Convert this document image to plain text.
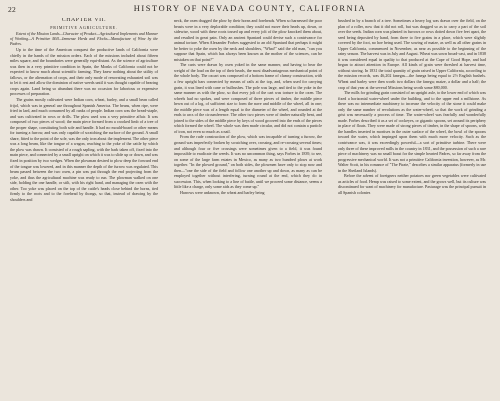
22	HISTORY OF NEVADA COUNTY, CALIFORNIA
CHAPTER VII.
PRIMITIVE AGRICULTURE.

Extent of the Mission Lands—Character of Product—Agricultural Implements and Manner of Working—A Primitive Mill—Immense Herds and Flocks—Manufacture of Wine by the Padres.

Up to the time of the American conquest the productive lands of California were chiefly in the hands of the mission orders. Each of the missions included about fifteen miles square, and the boundaries were generally equi-distant. As the science of agriculture was then in a very primitive condition in Spain, the Monks of California could not be expected to know much about scientific farming. They knew nothing about the utility of fallows, or the alternation of crops, and their only mode of renovating exhausted soil was to let it rest and allow the dominion of native weeds until it was thought capable of bearing crops again. Land being so abundant there was no occasion for laborious or expensive processes of preparation.

The grains mostly cultivated were Indian corn, wheat, barley, and a small bean called frijol, which was in general use throughout Spanish America. The beans, when ripe, were fried in lard, and much consumed by all ranks of people. Indian corn was the bread-staple, and was cultivated in rows or drills. The plow used was a very primitive affair. It was composed of two pieces of wood; the main piece formed from a crooked limb of a tree of the proper shape, constituting both sole and handle. It had no mould-board or other means for turning a furrow, and was only capable of scratching the surface of the ground. A small share, fitted to the point of the sole, was the only iron about the implement. The other piece was a long beam, like the tongue of a wagon, reaching to the yoke of the cattle by which the plow was drawn. It consisted of a rough sapling, with the bark taken off, fixed into the main piece, and connected by a small upright on which it was to slide up or down, and was fixed in position by two wedges. When the plowman desired to plow deep the forward end of the tongue was lowered, and in this manner the depth of the furrow was regulated. This beam passed between the two oxen, a pin was put through the end projecting from the yoke, and thus the agricultural machine was ready to run. The plowman walked on one side, holding the one handle, or stilt, with his right hand, and managing the oxen with the other. Too yoke was placed on the top of the cattle's heads close behind the horns, tied firmly to the roots and to the forehead by thongs, so that, instead of drawing by the shoulders and

neck, the oxen dragged the plow by their horns and foreheads. When so harnessed the poor beasts were in a very deplorable condition; they could not move their heads up, down, or sidewise, wood with these roots tossed up and every jolt of the plow knocked them about, and resulted in great pain. Only an ancient Spaniard could devise such a contrivance for animal torture. When Alexander Forbes suggested to an old Spaniard that perhaps it might be better to yoke the oxen by the neck and shoulders, "What!" said the old man, "can you suppose that Spain, which has always been known as the mother of the sciences, can be mistaken on that point?"

The carts were drawn by oxen yoked in the same manner, and having to bear the weight of the load on the top of their heads, the most disadvantageous mechanical point of the whole body. The oxcart was composed of a bottom frame of clumsy construction, with a few upright bars connected by means of rails at the top, and, when used for carrying grain, it was lined with cane or bullrushes. The pole was large, and tied to the yoke in the same manner as with the plow, so that every jolt of the cart was torture to the oxen. The wheels had no spokes, and were composed of three pieces of timber, the middle piece hewn out of a log, of sufficient size to form the nave and middle of the wheel, all in one; the middle piece was of a length equal to the diameter of the wheel, and rounded at the ends to arcs of the circumference. The other two pieces were of timber naturally bent, and joined to the sides of the middle piece by keys of wood grooved into the ends of the pieces which formed the wheel. The whole was then made circular, and did not contain a particle of iron, not even so much as a nail.

From the rude construction of the plow, which was incapable of turning a furrow, the ground was imperfectly broken by scratching over, crossing, and re-crossing several times; and although four or five crossings were sometimes given to a field, it was found impossible to eradicate the weeds. It was no uncommon thing, says Forbes in 1839, to see, on some of the large farm estates in Mexico, as many as two hundred plows at work together. "In the plowed ground," on both sides, the plowmen have only to stop now and then—"one the side of the field and follow one another up and down, as many as can be employed together without interfering, turning round at the end, which they do in succession. This, when looking to a line of battle, until we proceed some distance, seems a little like a charge, only some aids as they come up."

Harrows were unknown, the wheat and barley being

brushed in by a branch of a tree. Sometimes a heavy log was drawn over the field, on the plan of a roller, now that it did not roll, but was dragged so as to carry a part of the soil over the seeds. Indian corn was planted in furrows or rows dotted down five feet apart, the seed being deposited by hand, from three to five grains in a place, which were slightly covered by the foot, no hoe being used. The sowing of maize, as well as all other grains in Upper California, commenced in November, as near as possible to the beginning of the rainy season. The harvest was in July and August. Wheat was sown broad-cast, and in 1838 it was considered equal in quality to that produced at the Cape of Good Hope, and had begun to attract attention in Europe. All kinds of grain were threshed at harvest time, without storing. In 1831 the total quantity of grain raised in Upper California, according to the mission records, was 46,202 fanegas—the fanega being equal to 2½ English bushels. Wheat and barley were then worth two dollars the fanega; maize, a dollar and a half; the crop of that year at the several Missions being worth some $80,000.

The mills for grinding grain consisted of an upright axle, to the lower end of which was fixed a horizontal water-wheel under the building, and to the upper end a millstone. As there was no intermediate machinery to increase the velocity of the stone it could make only the same number of revolutions as the water-wheel, so that the work of grinding a grist was necessarily a process of time. The water-wheel was fearfully and wonderfully made. Forbes described it as a set of cockeyes, or gigantic spoons, set around its periphery in place of floats. They were made of strong pieces of timber, in the shape of spoons, with the handles inserted in mortises in the outer surface of the wheel, the bowl of the spoons toward the water, which impinged upon them with much more velocity. Such as the contrivance was, it was exceedingly powerful—a sort of primitive turbine. There were only three of these improved mills in the country in 1831, and the possession of such a rare piece of machinery was no small boast for the simple hearted Padres, so far away from the progressive mechanical world. It was not a primitive California invention, however, as Mr. Walter Scott, in his romance of "The Pirate," describes a similar apparatus (formerly in use in the Shetland Islands).

Before the advent of foreigners neither potatoes nor green vegetables were cultivated as articles of food. Hemp was raised to some extent, and the grows well, but its culture was discontinued for want of machinery for manufacture. Pasturage was the principal pursuit in all Spanish colonies
